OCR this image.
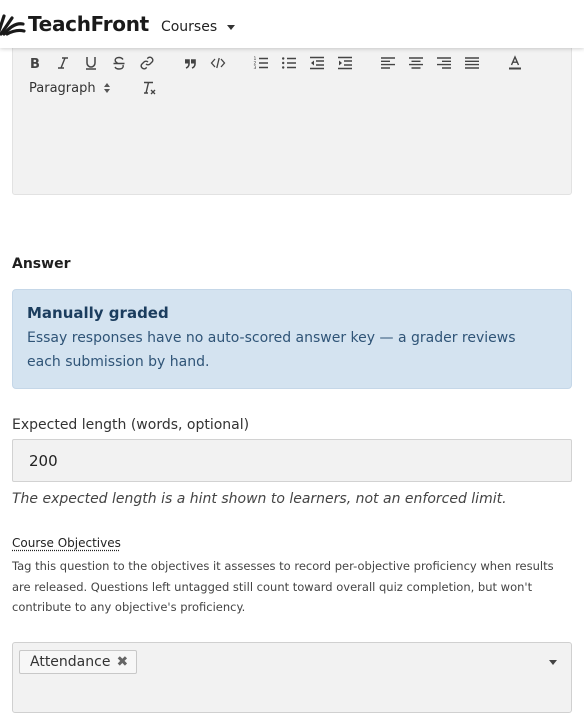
TeachFront Courses
B	1
2
3
Paragraph
Answer
Manually graded
Essay responses have no auto-scored answer key — a grader reviews each submission by hand.
Expected length (words, optional)
200
The expected length is a hint shown to learners, not an enforced limit.
Course Objectives
Tag this question to the objectives it assesses to record per-objective proficiency when results are released. Questions left untagged still count toward overall quiz completion, but won't contribute to any objective's proficiency.
Attendance ✖
